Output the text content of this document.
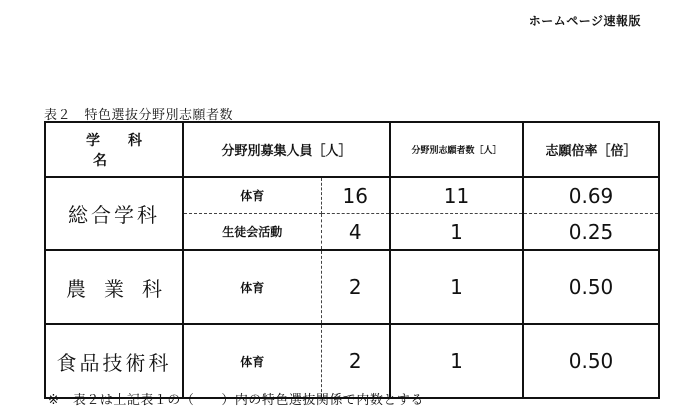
ホームページ速報版
表２　特色選抜分野別志願者数
学科名	分野別募集人員［人］		分野別志願者数［人］	志願倍率［倍］
総合学科	体育	16	11	0.69
	生徒会活動	4	1	0.25
農業科	体育	2	1	0.50
食品技術科	体育	2	1	0.50
※　表２は上記表１の（　　）内の特色選抜関係で内数とする
